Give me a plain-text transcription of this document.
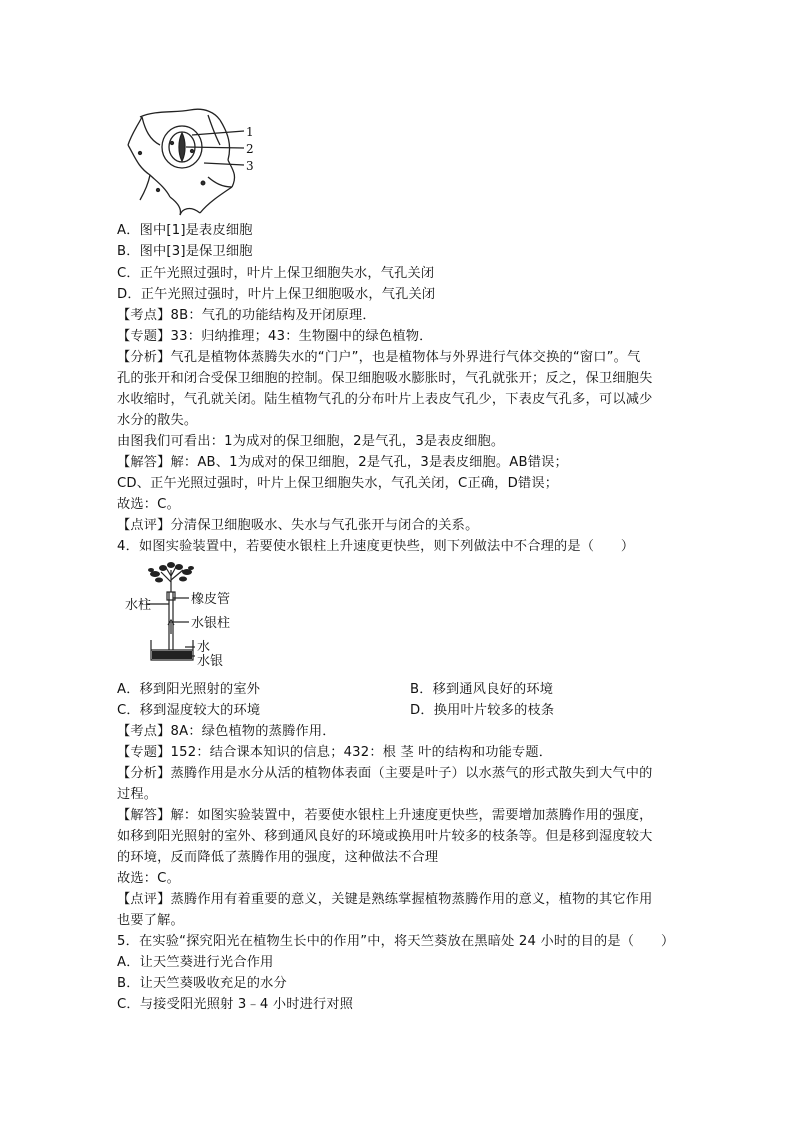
1
2
3
A．图中[1]是表皮细胞
B．图中[3]是保卫细胞
C．正午光照过强时，叶片上保卫细胞失水，气孔关闭
D．正午光照过强时，叶片上保卫细胞吸水，气孔关闭
【考点】8B：气孔的功能结构及开闭原理．
【专题】33：归纳推理；43：生物圈中的绿色植物．
【分析】气孔是植物体蒸腾失水的“门户”，也是植物体与外界进行气体交换的“窗口”。气
孔的张开和闭合受保卫细胞的控制。保卫细胞吸水膨胀时，气孔就张开；反之，保卫细胞失
水收缩时，气孔就关闭。陆生植物气孔的分布叶片上表皮气孔少，下表皮气孔多，可以减少
水分的散失。
由图我们可看出：1为成对的保卫细胞，2是气孔，3是表皮细胞。
【解答】解：AB、1为成对的保卫细胞，2是气孔，3是表皮细胞。AB错误；
CD、正午光照过强时，叶片上保卫细胞失水，气孔关闭，C正确，D错误；
故选：C。
【点评】分清保卫细胞吸水、失水与气孔张开与闭合的关系。
4．如图实验装置中，若要使水银柱上升速度更快些，则下列做法中不合理的是（　　）
水柱	橡皮管
水银柱
水
水银
A．移到阳光照射的室外	B．移到通风良好的环境
C．移到湿度较大的环境	D．换用叶片较多的枝条
【考点】8A：绿色植物的蒸腾作用．
【专题】152：结合课本知识的信息；432：根 茎 叶的结构和功能专题．
【分析】蒸腾作用是水分从活的植物体表面（主要是叶子）以水蒸气的形式散失到大气中的
过程。
【解答】解：如图实验装置中，若要使水银柱上升速度更快些，需要增加蒸腾作用的强度，
如移到阳光照射的室外、移到通风良好的环境或换用叶片较多的枝条等。但是移到湿度较大
的环境，反而降低了蒸腾作用的强度，这种做法不合理
故选：C。
【点评】蒸腾作用有着重要的意义，关键是熟练掌握植物蒸腾作用的意义，植物的其它作用
也要了解。
5．在实验“探究阳光在植物生长中的作用”中，将天竺葵放在黑暗处 24 小时的目的是（　　）
A．让天竺葵进行光合作用
B．让天竺葵吸收充足的水分
C．与接受阳光照射 3﹣4 小时进行对照
